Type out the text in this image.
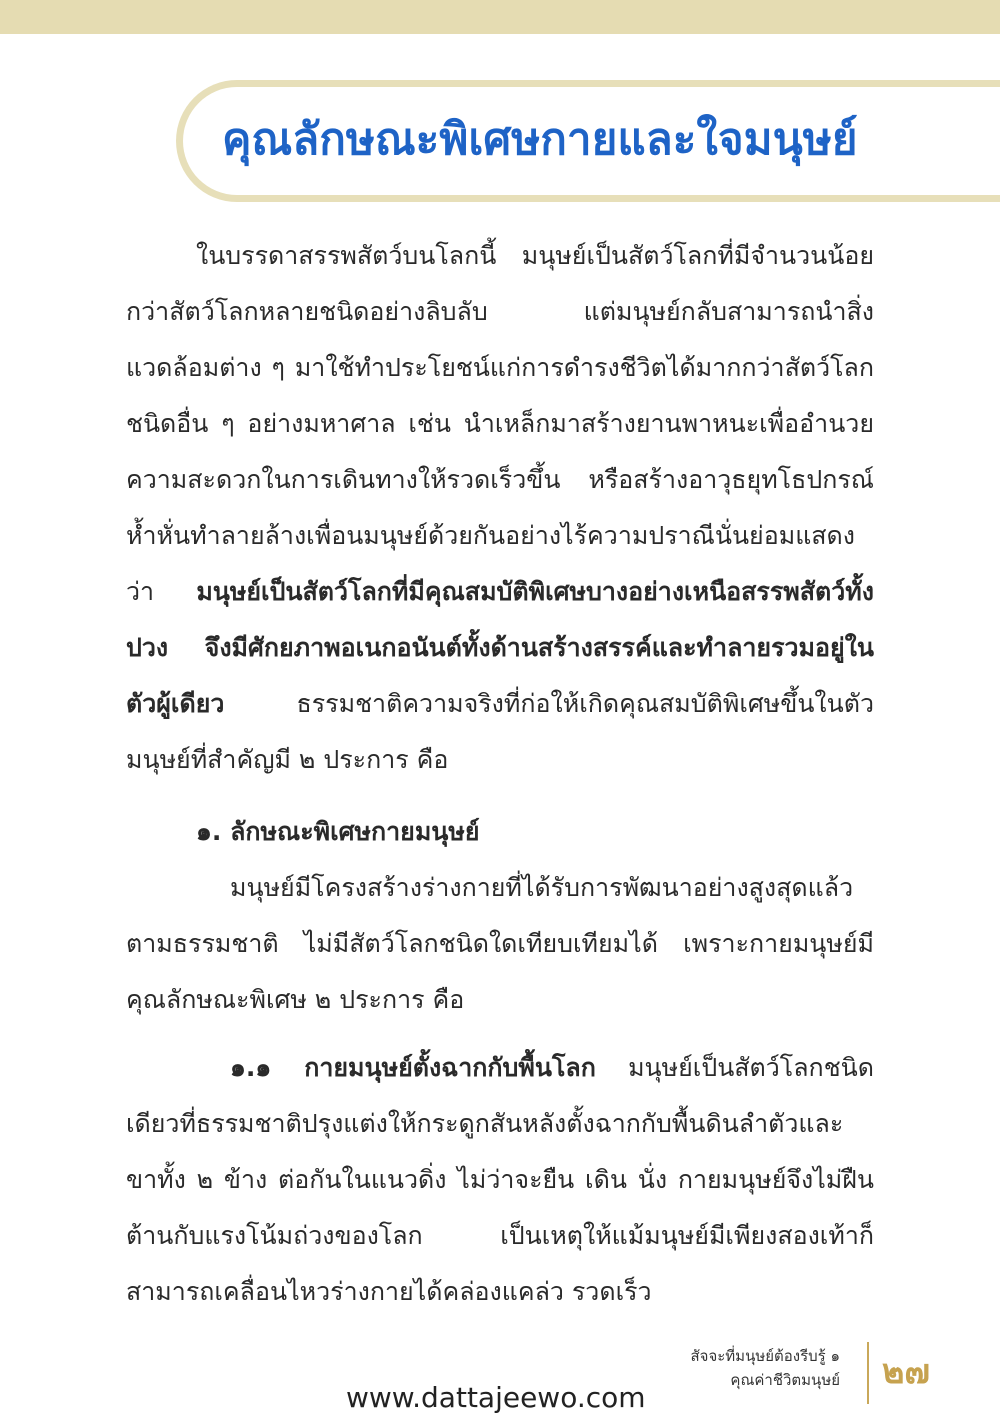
คุณลักษณะพิเศษกายและใจมนุษย์

ในบรรดาสรรพสัตว์บนโลกนี้ มนุษย์เป็นสัตว์โลกที่มีจำนวนน้อยกว่าสัตว์โลกหลายชนิดอย่างลิบลับ แต่มนุษย์กลับสามารถนำสิ่งแวดล้อมต่าง ๆ มาใช้ทำประโยชน์แก่การดำรงชีวิตได้มากกว่าสัตว์โลกชนิดอื่น ๆ อย่างมหาศาล เช่น นำเหล็กมาสร้างยานพาหนะเพื่ออำนวยความสะดวกในการเดินทางให้รวดเร็วขึ้น หรือสร้างอาวุธยุทโธปกรณ์ ห้ำหั่นทำลายล้างเพื่อนมนุษย์ด้วยกันอย่างไร้ความปราณีนั่นย่อมแสดงว่า มนุษย์เป็นสัตว์โลกที่มีคุณสมบัติพิเศษบางอย่างเหนือสรรพสัตว์ทั้งปวง จึงมีศักยภาพอเนกอนันต์ทั้งด้านสร้างสรรค์และทำลายรวมอยู่ในตัวผู้เดียว	ธรรมชาติความจริงที่ก่อให้เกิดคุณสมบัติพิเศษขึ้นในตัวมนุษย์ที่สำคัญมี ๒ ประการ คือ

๑. ลักษณะพิเศษกายมนุษย์

มนุษย์มีโครงสร้างร่างกายที่ได้รับการพัฒนาอย่างสูงสุดแล้วตามธรรมชาติ ไม่มีสัตว์โลกชนิดใดเทียบเทียมได้ เพราะกายมนุษย์มีคุณลักษณะพิเศษ ๒ ประการ คือ

๑.๑ กายมนุษย์ตั้งฉากกับพื้นโลก มนุษย์เป็นสัตว์โลกชนิดเดียวที่ธรรมชาติปรุงแต่งให้กระดูกสันหลังตั้งฉากกับพื้นดินลำตัวและขาทั้ง ๒ ข้าง ต่อกันในแนวดิ่ง ไม่ว่าจะยืน เดิน นั่ง กายมนุษย์จึงไม่ฝืนต้านกับแรงโน้มถ่วงของโลก เป็นเหตุให้แม้มนุษย์มีเพียงสองเท้าก็สามารถเคลื่อนไหวร่างกายได้คล่องแคล่ว รวดเร็ว

สัจจะที่มนุษย์ต้องรีบรู้ ๑
คุณค่าชีวิตมนุษย์ ๒๗
www.dattajeewo.com
